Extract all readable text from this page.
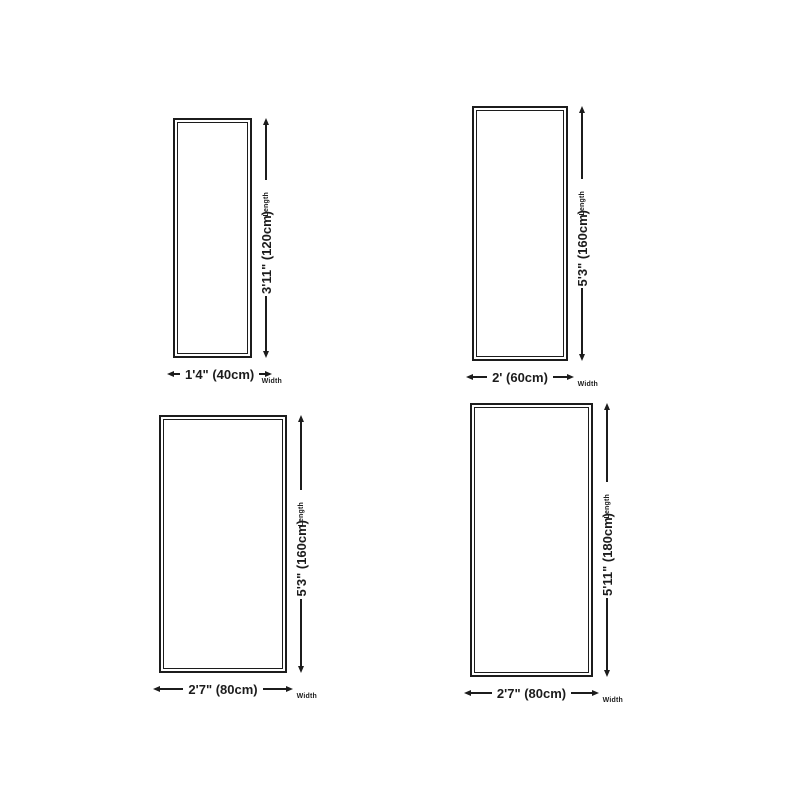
Length
3'11" (120cm)
1'4" (40cm) Width
Length
5'3" (160cm)
2' (60cm)	Width
Length
5'3" (160cm)
2'7" (80cm)	Width
Length
5'11" (180cm)
2'7" (80cm)	Width
